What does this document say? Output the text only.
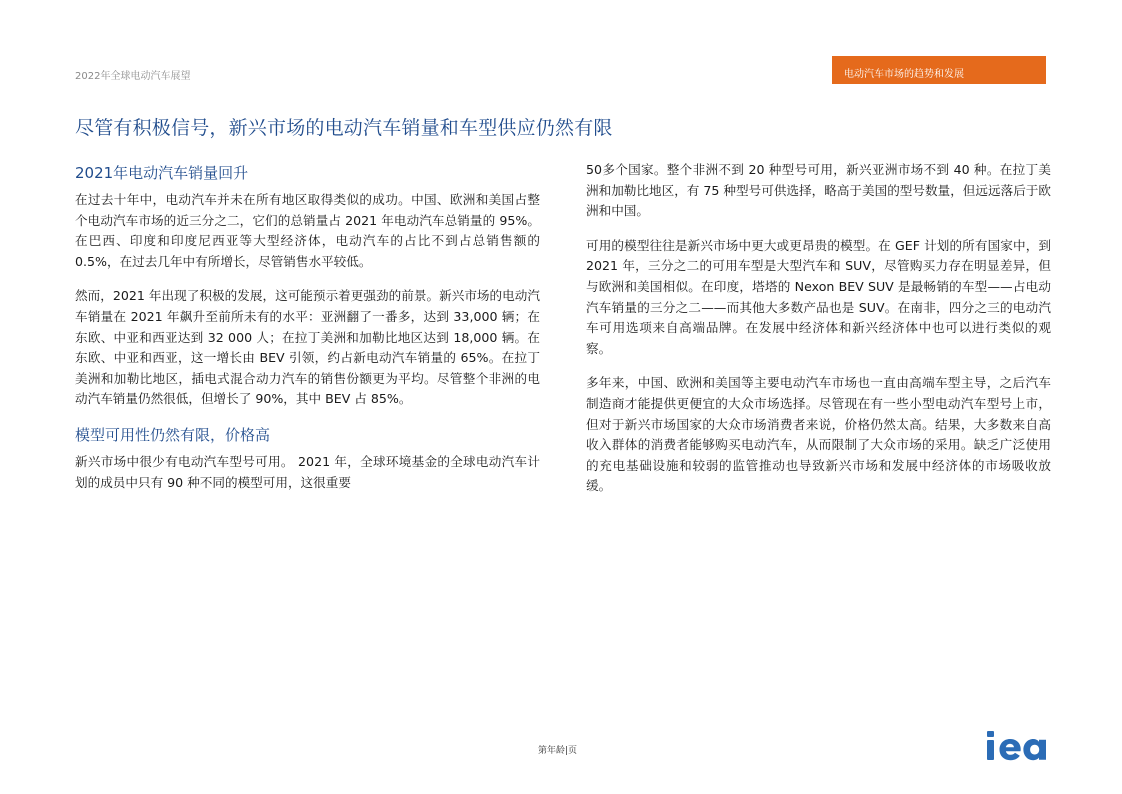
2022年全球电动汽车展望	电动汽车市场的趋势和发展
尽管有积极信号，新兴市场的电动汽车销量和车型供应仍然有限
2021年电动汽车销量回升

在过去十年中，电动汽车并未在所有地区取得类似的成功。中国、欧洲和美国占整个电动汽车市场的近三分之二，它们的总销量占 2021 年电动汽车总销量的 95%。在巴西、印度和印度尼西亚等大型经济体，电动汽车的占比不到占总销售额的 0.5%，在过去几年中有所增长，尽管销售水平较低。

然而，2021 年出现了积极的发展，这可能预示着更强劲的前景。新兴市场的电动汽车销量在 2021 年飙升至前所未有的水平：亚洲翻了一番多，达到 33,000 辆；在东欧、中亚和西亚达到 32 000 人；在拉丁美洲和加勒比地区达到 18,000 辆。在东欧、中亚和西亚，这一增长由 BEV 引领，约占新电动汽车销量的 65%。在拉丁美洲和加勒比地区，插电式混合动力汽车的销售份额更为平均。尽管整个非洲的电动汽车销量仍然很低，但增长了 90%，其中 BEV 占 85%。

模型可用性仍然有限，价格高

新兴市场中很少有电动汽车型号可用。 2021 年，全球环境基金的全球电动汽车计划的成员中只有 90 种不同的模型可用，这很重要

50多个国家。整个非洲不到 20 种型号可用，新兴亚洲市场不到 40 种。在拉丁美洲和加勒比地区，有 75 种型号可供选择，略高于美国的型号数量，但远远落后于欧洲和中国。

可用的模型往往是新兴市场中更大或更昂贵的模型。在 GEF 计划的所有国家中，到 2021 年，三分之二的可用车型是大型汽车和 SUV，尽管购买力存在明显差异，但与欧洲和美国相似。在印度，塔塔的 Nexon BEV SUV 是最畅销的车型——占电动汽车销量的三分之二——而其他大多数产品也是 SUV。在南非，四分之三的电动汽车可用选项来自高端品牌。在发展中经济体和新兴经济体中也可以进行类似的观察。

多年来，中国、欧洲和美国等主要电动汽车市场也一直由高端车型主导，之后汽车制造商才能提供更便宜的大众市场选择。尽管现在有一些小型电动汽车型号上市，但对于新兴市场国家的大众市场消费者来说，价格仍然太高。结果，大多数来自高收入群体的消费者能够购买电动汽车，从而限制了大众市场的采用。缺乏广泛使用的充电基础设施和较弱的监管推动也导致新兴市场和发展中经济体的市场吸收放缓。

第年龄|页
